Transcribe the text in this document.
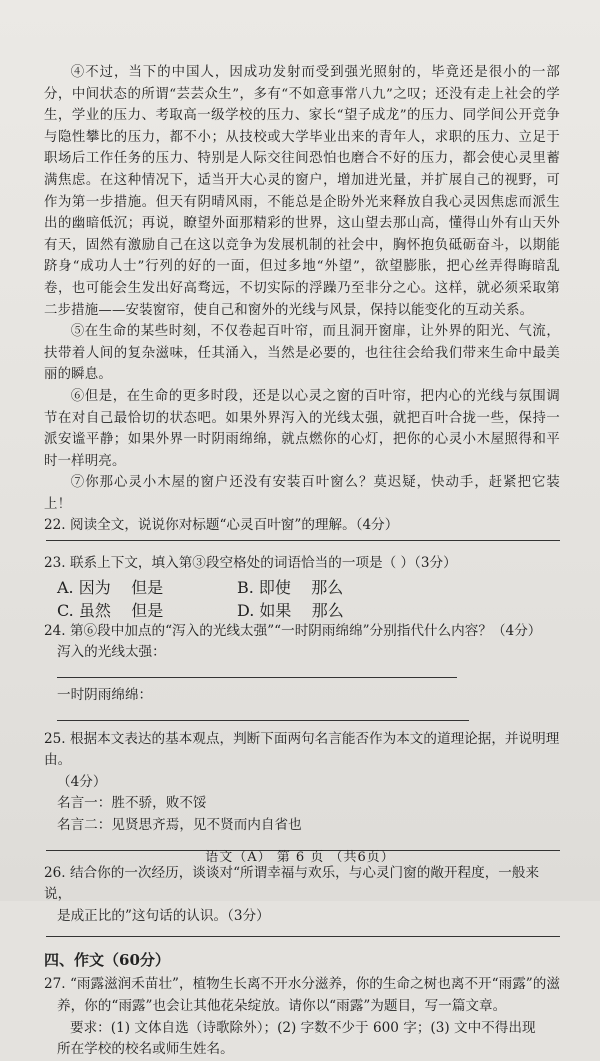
④不过，当下的中国人，因成功发射而受到强光照射的，毕竟还是很小的一部分，中间状态的所谓“芸芸众生”，多有“不如意事常八九”之叹；还没有走上社会的学生，学业的压力、考取高一级学校的压力、家长“望子成龙”的压力、同学间公开竞争与隐性攀比的压力，都不小；从技校或大学毕业出来的青年人，求职的压力、立足于职场后工作任务的压力、特别是人际交往间恐怕也磨合不好的压力，都会使心灵里蓄满焦虑。在这种情况下，适当开大心灵的窗户，增加进光量，并扩展自己的视野，可作为第一步措施。但天有阴晴风雨，不能总是企盼外光来释放自我心灵因焦虑而派生出的幽暗低沉；再说，瞭望外面那精彩的世界，这山望去那山高，懂得山外有山天外有天，固然有激励自己在这以竞争为发展机制的社会中，胸怀抱负砥砺奋斗，以期能跻身“成功人士”行列的好的一面，但过多地“外望”，欲望膨胀，把心丝弄得晦暗乱卷，也可能会生发出好高骛远，不切实际的浮躁乃至非分之心。这样，就必须采取第二步措施——安装窗帘，使自己和窗外的光线与风景，保持以能变化的互动关系。

⑤在生命的某些时刻，不仅卷起百叶帘，而且洞开窗扉，让外界的阳光、气流，扶带着人间的复杂滋味，任其涌入，当然是必要的，也往往会给我们带来生命中最美丽的瞬息。

⑥但是，在生命的更多时段，还是以心灵之窗的百叶帘，把内心的光线与氛围调节在对自己最恰切的状态吧。如果外界泻入的光线太强，就把百叶合拢一些，保持一派安谧平静；如果外界一时阴雨绵绵，就点燃你的心灯，把你的心灵小木屋照得和平时一样明亮。

⑦你那心灵小木屋的窗户还没有安装百叶窗么？莫迟疑，快动手，赶紧把它装上！

22. 阅读全文，说说你对标题“心灵百叶窗”的理解。（4分）

23. 联系上下文，填入第③段空格处的词语恰当的一项是（ ）（3分）

A. 因为 但是	B. 即使 那么
C. 虽然 但是	D. 如果 那么

24. 第⑥段中加点的“泻入的光线太强”“一时阴雨绵绵”分别指代什么内容？（4分）

泻入的光线太强：

一时阴雨绵绵：

25. 根据本文表达的基本观点，判断下面两句名言能否作为本文的道理论据，并说明理由。

（4分）

名言一：胜不骄，败不馁

名言二：见贤思齐焉，见不贤而内自省也

26. 结合你的一次经历，谈谈对“所谓幸福与欢乐，与心灵门窗的敞开程度，一般来说，

是成正比的”这句话的认识。（3分）

四、作文（60分）

27. “雨露滋润禾苗壮”，植物生长离不开水分滋养，你的生命之树也离不开“雨露”的滋

养，你的“雨露”也会让其他花朵绽放。请你以“雨露”为题目，写一篇文章。

要求：(1) 文体自选（诗歌除外）；(2) 字数不少于 600 字；(3) 文中不得出现

所在学校的校名或师生姓名。

语文（A） 第 6 页 （共6页）
